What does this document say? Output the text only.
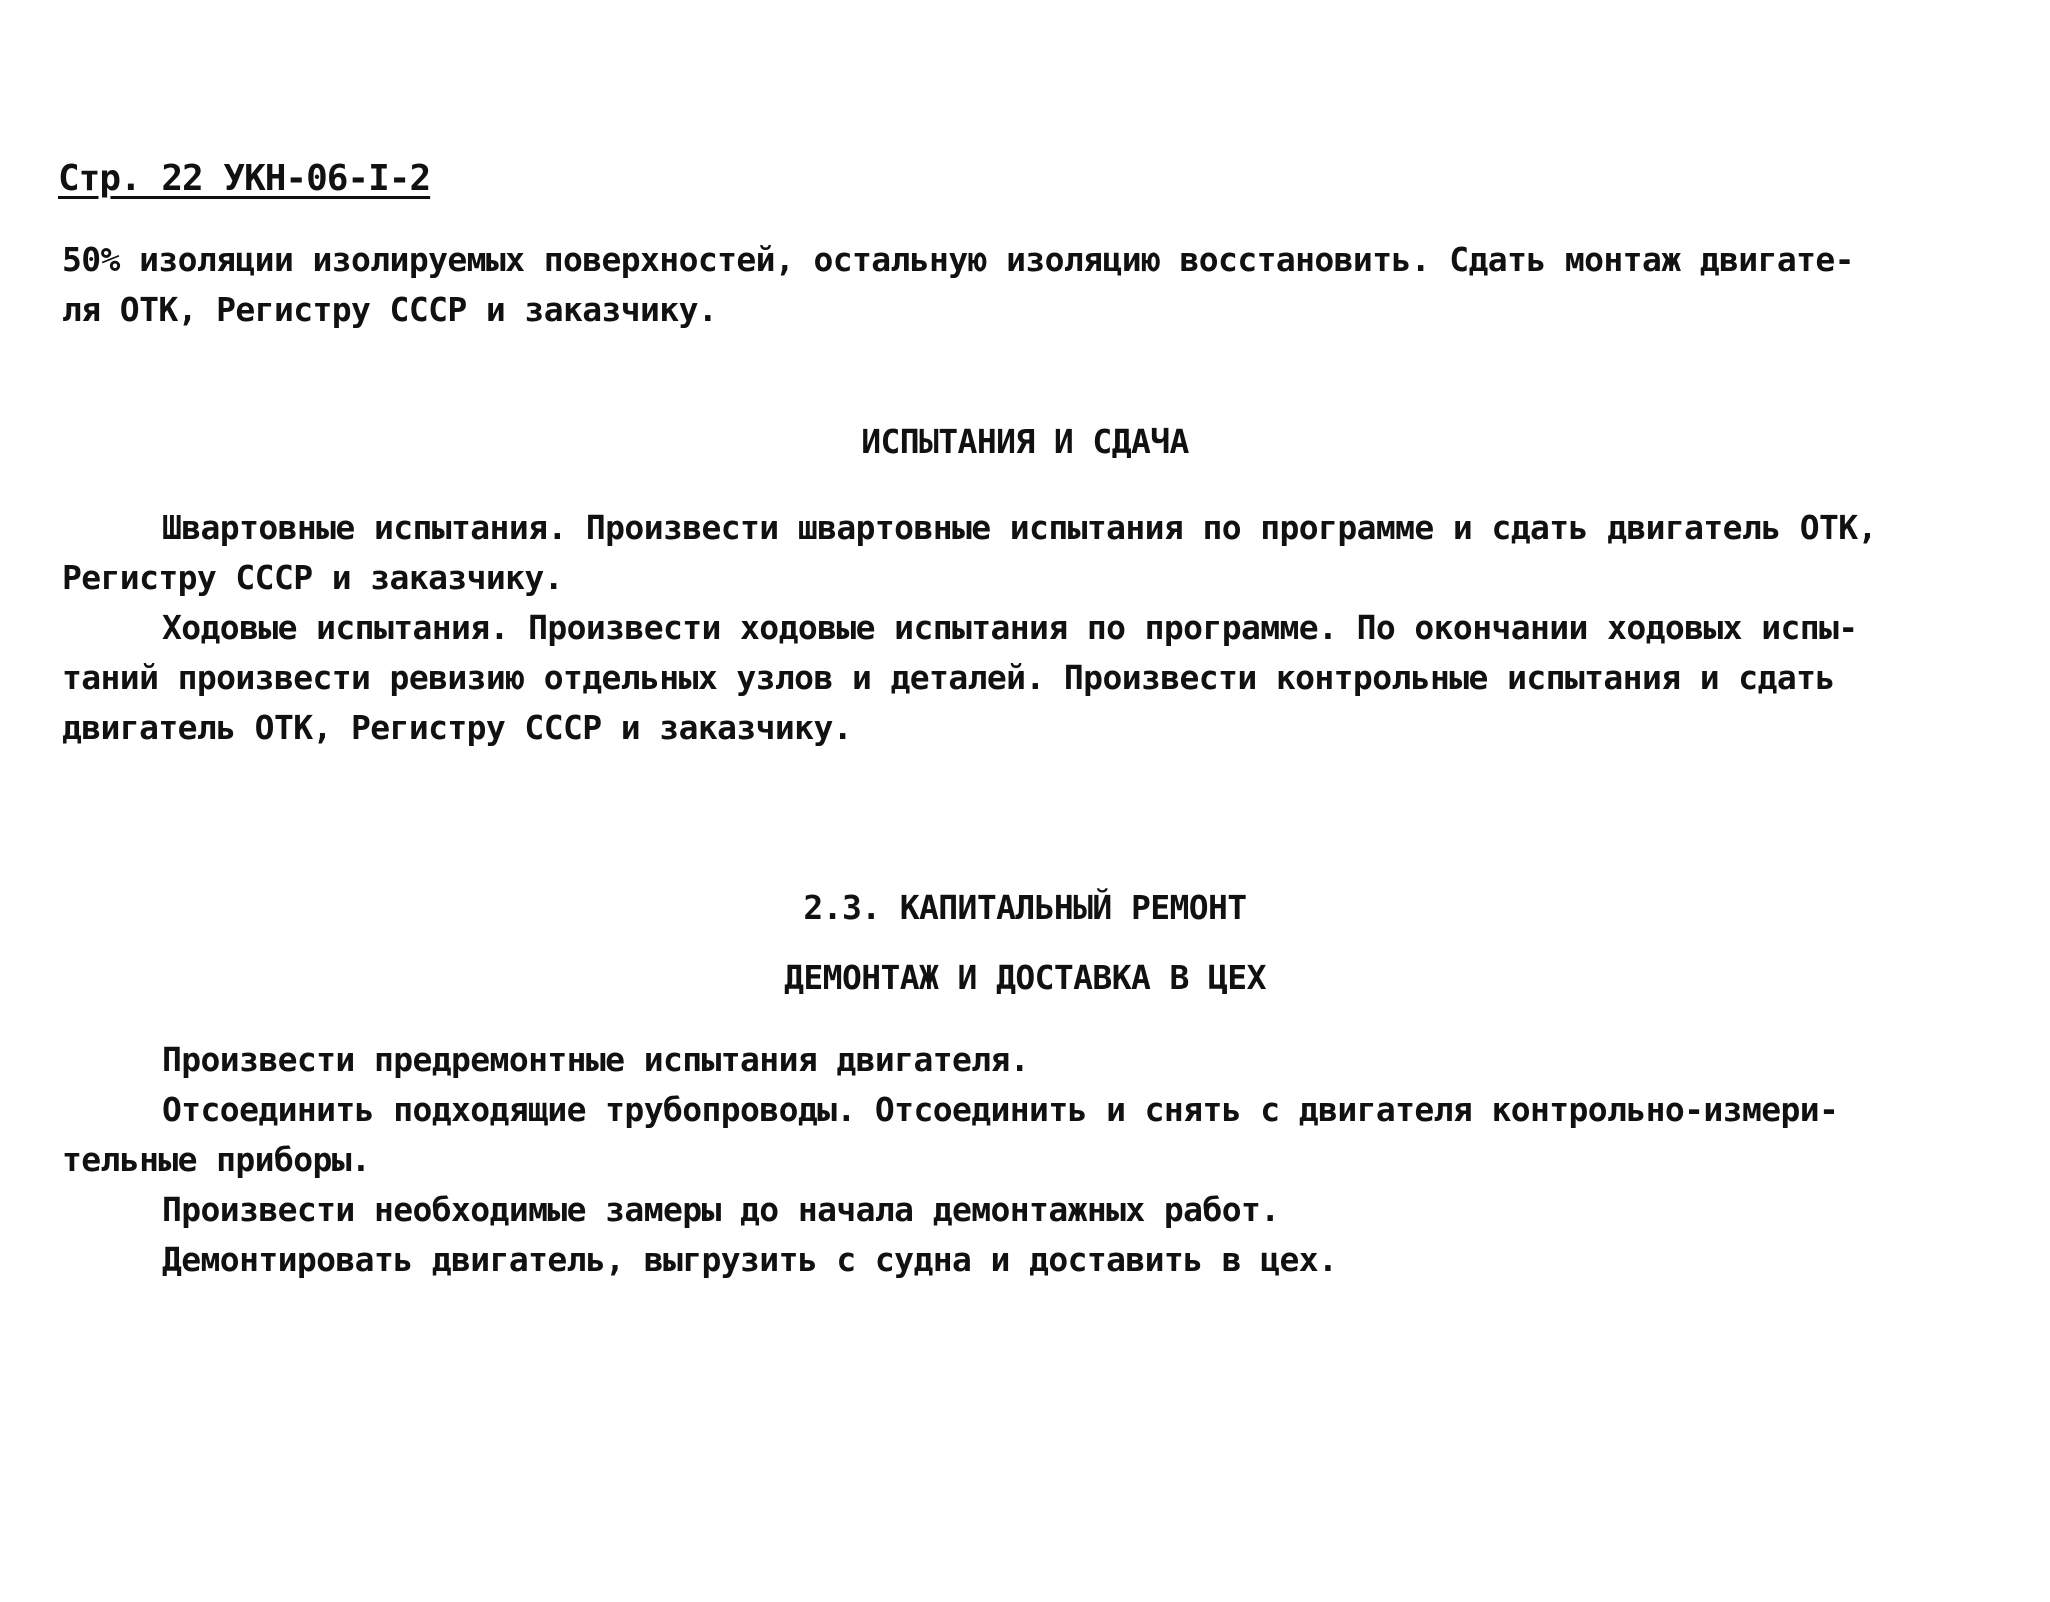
Стр. 22 УКН-06-I-2
50% изоляции изолируемых поверхностей, остальную изоляцию восстановить. Сдать монтаж двигате-
ля ОТК, Регистру СССР и заказчику.
ИСПЫТАНИЯ И СДАЧА
Швартовные испытания. Произвести швартовные испытания по программе и сдать двигатель ОТК,
Регистру СССР и заказчику.
Ходовые испытания. Произвести ходовые испытания по программе. По окончании ходовых испы-
таний произвести ревизию отдельных узлов и деталей. Произвести контрольные испытания и сдать
двигатель ОТК, Регистру СССР и заказчику.
2.3. КАПИТАЛЬНЫЙ РЕМОНТ
ДЕМОНТАЖ И ДОСТАВКА В ЦЕХ
Произвести предремонтные испытания двигателя.
Отсоединить подходящие трубопроводы. Отсоединить и снять с двигателя контрольно-измери-
тельные приборы.
Произвести необходимые замеры до начала демонтажных работ.
Демонтировать двигатель, выгрузить с судна и доставить в цех.
